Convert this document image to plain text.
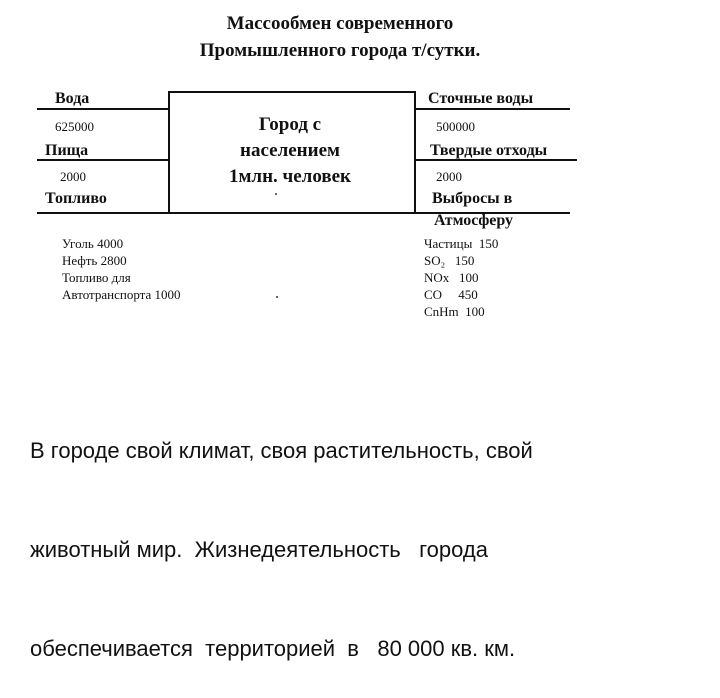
Массообмен современного
Промышленного города т/сутки.
Город с
населением
1млн. человек
Вода
625000
Пища
2000
Топливо
Уголь 4000
Нефть 2800
Топливо для
Автотранспорта 1000
Сточные воды
500000
Твердые отходы
2000
Выбросы в
Атмосферу
Частицы  150
SO₂   150
NOx   100
CO     450
CnHm  100

В городе свой климат, своя растительность, свой

животный мир.  Жизнедеятельность   города

обеспечивается  территорией  в   80 000 кв. км.
